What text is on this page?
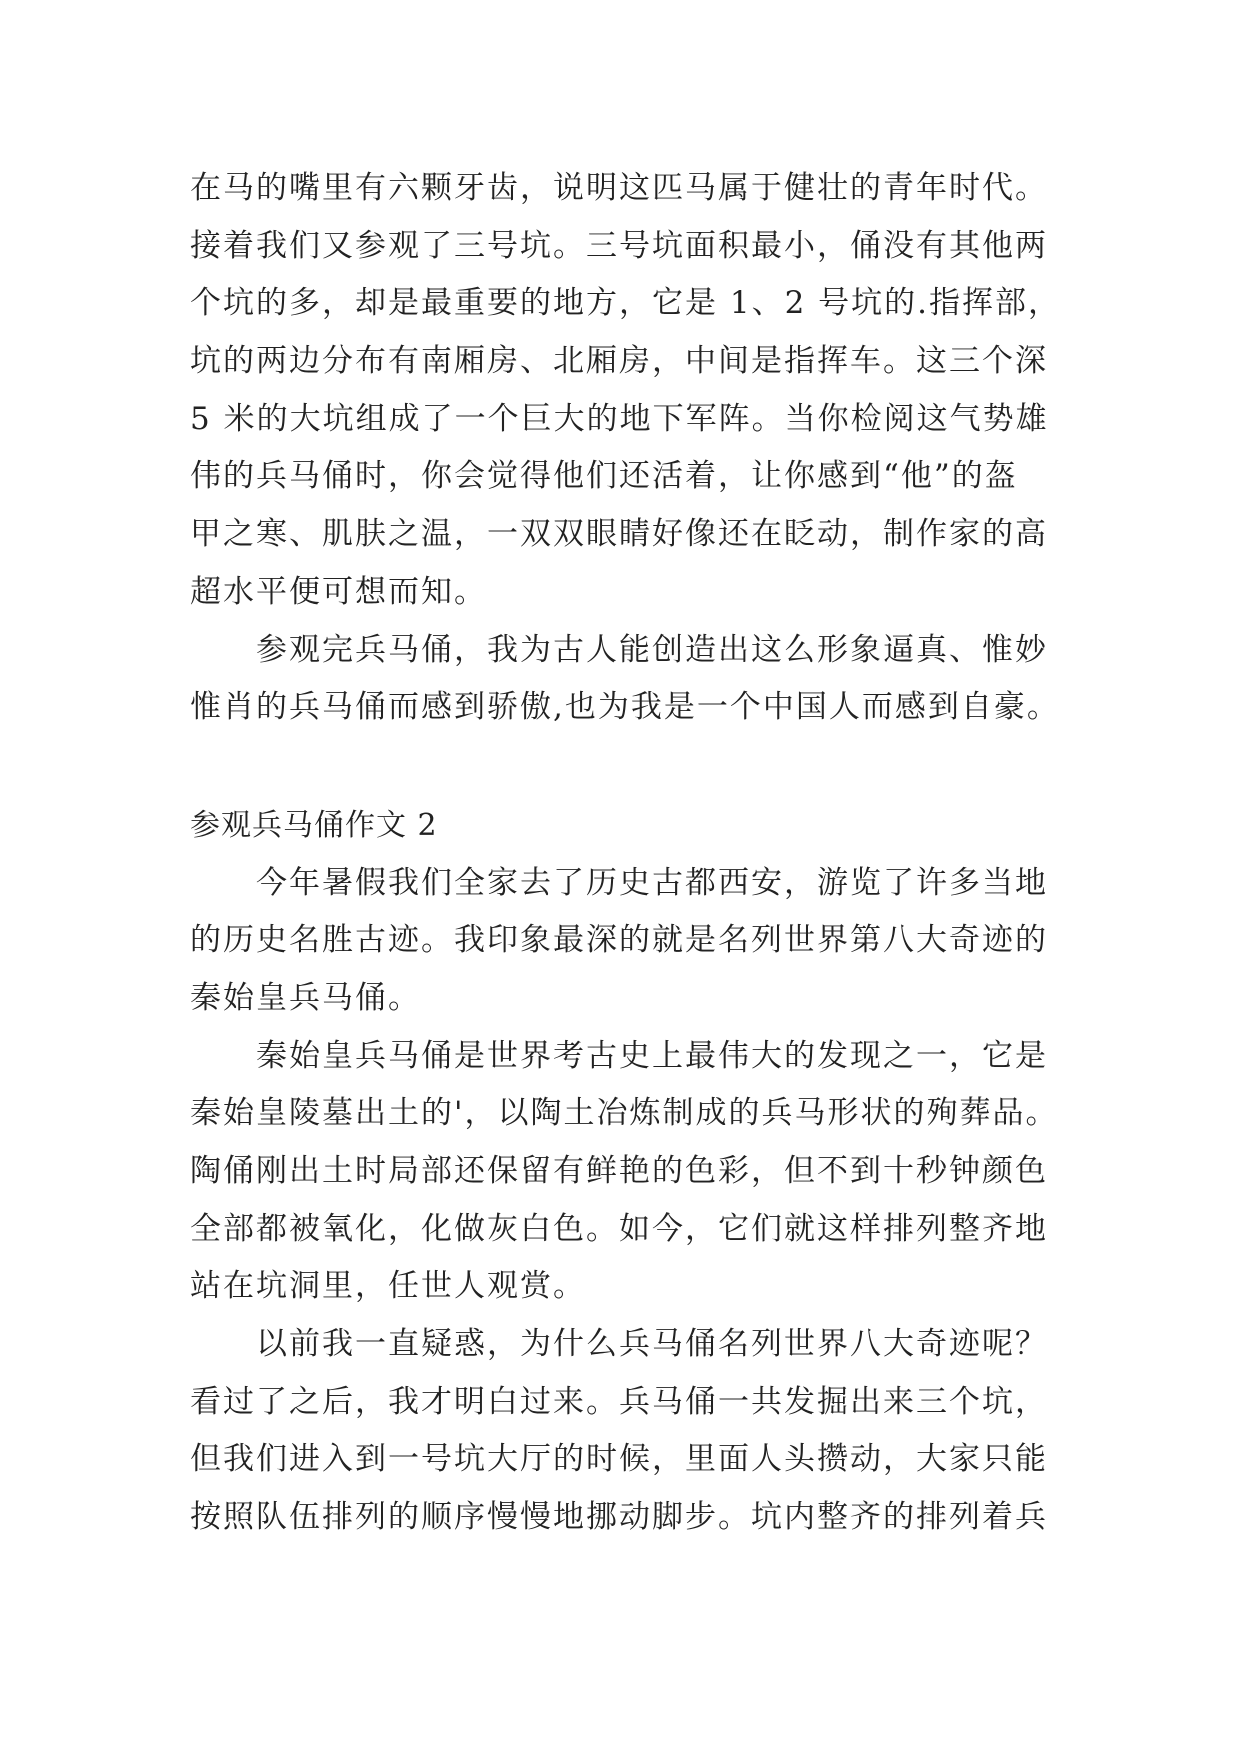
在马的嘴里有六颗牙齿，说明这匹马属于健壮的青年时代。
接着我们又参观了三号坑。三号坑面积最小，俑没有其他两
个坑的多，却是最重要的地方，它是 1、2 号坑的.指挥部，
坑的两边分布有南厢房、北厢房，中间是指挥车。这三个深
5 米的大坑组成了一个巨大的地下军阵。当你检阅这气势雄
伟的兵马俑时，你会觉得他们还活着，让你感到“他”的盔
甲之寒、肌肤之温，一双双眼睛好像还在眨动，制作家的高
超水平便可想而知。
参观完兵马俑，我为古人能创造出这么形象逼真、惟妙
惟肖的兵马俑而感到骄傲,也为我是一个中国人而感到自豪。
参观兵马俑作文 2
今年暑假我们全家去了历史古都西安，游览了许多当地
的历史名胜古迹。我印象最深的就是名列世界第八大奇迹的
秦始皇兵马俑。
秦始皇兵马俑是世界考古史上最伟大的发现之一，它是
秦始皇陵墓出土的'，以陶土冶炼制成的兵马形状的殉葬品。
陶俑刚出土时局部还保留有鲜艳的色彩，但不到十秒钟颜色
全部都被氧化，化做灰白色。如今，它们就这样排列整齐地
站在坑洞里，任世人观赏。
以前我一直疑惑，为什么兵马俑名列世界八大奇迹呢？
看过了之后，我才明白过来。兵马俑一共发掘出来三个坑，
但我们进入到一号坑大厅的时候，里面人头攒动，大家只能
按照队伍排列的顺序慢慢地挪动脚步。坑内整齐的排列着兵
